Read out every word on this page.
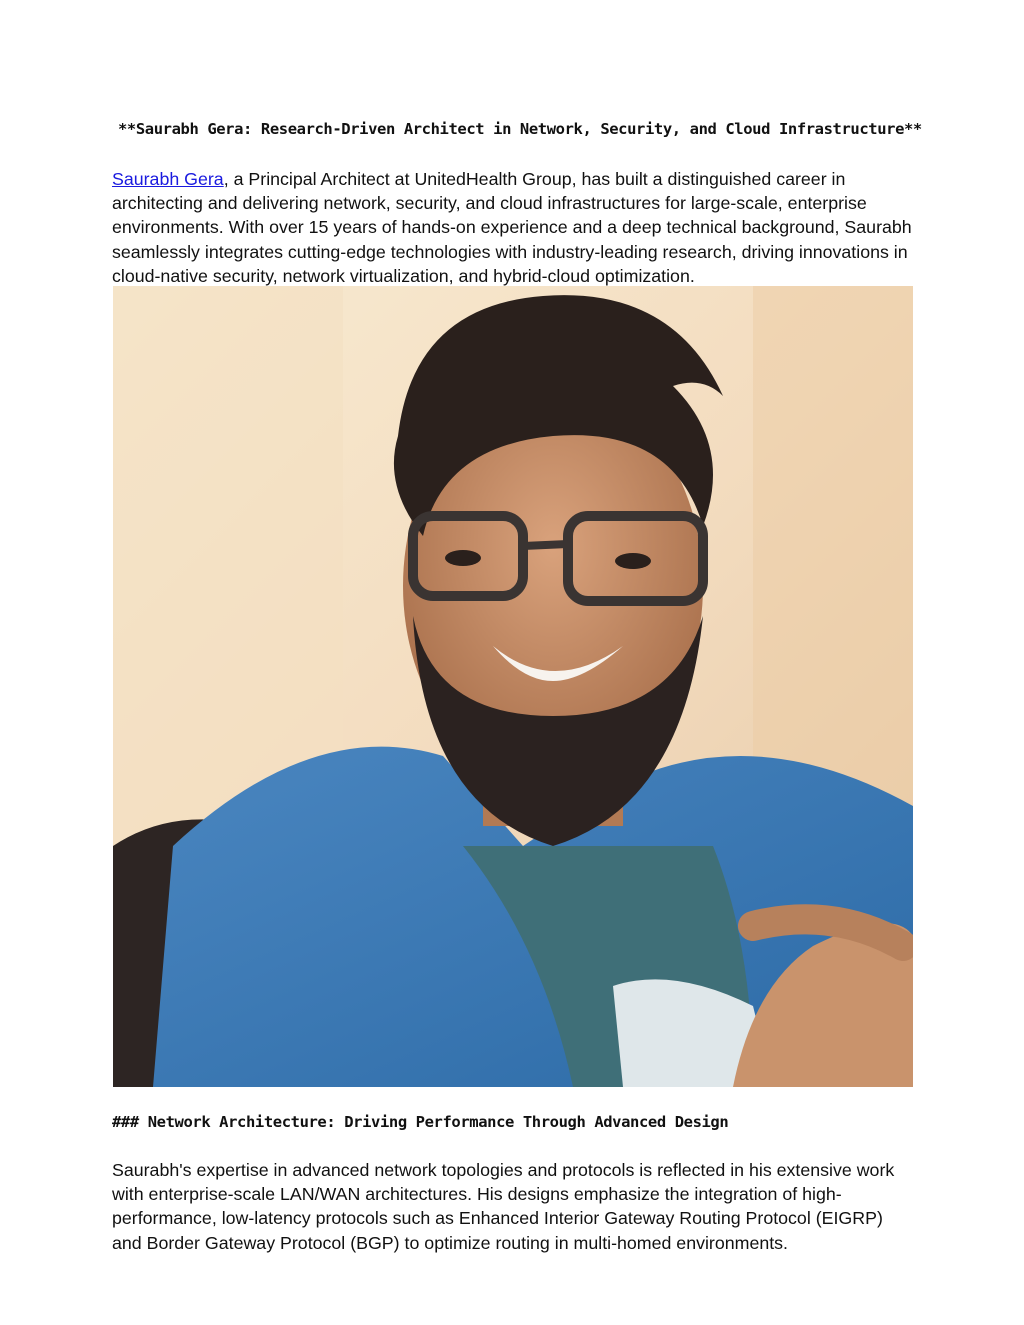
**Saurabh Gera: Research-Driven Architect in Network, Security, and Cloud Infrastructure**
Saurabh Gera, a Principal Architect at UnitedHealth Group, has built a distinguished career in architecting and delivering network, security, and cloud infrastructures for large-scale, enterprise environments. With over 15 years of hands-on experience and a deep technical background, Saurabh seamlessly integrates cutting-edge technologies with industry-leading research, driving innovations in cloud-native security, network virtualization, and hybrid-cloud optimization.
### Network Architecture: Driving Performance Through Advanced Design
Saurabh's expertise in advanced network topologies and protocols is reflected in his extensive work with enterprise-scale LAN/WAN architectures. His designs emphasize the integration of high-performance, low-latency protocols such as Enhanced Interior Gateway Routing Protocol (EIGRP) and Border Gateway Protocol (BGP) to optimize routing in multi-homed environments.
